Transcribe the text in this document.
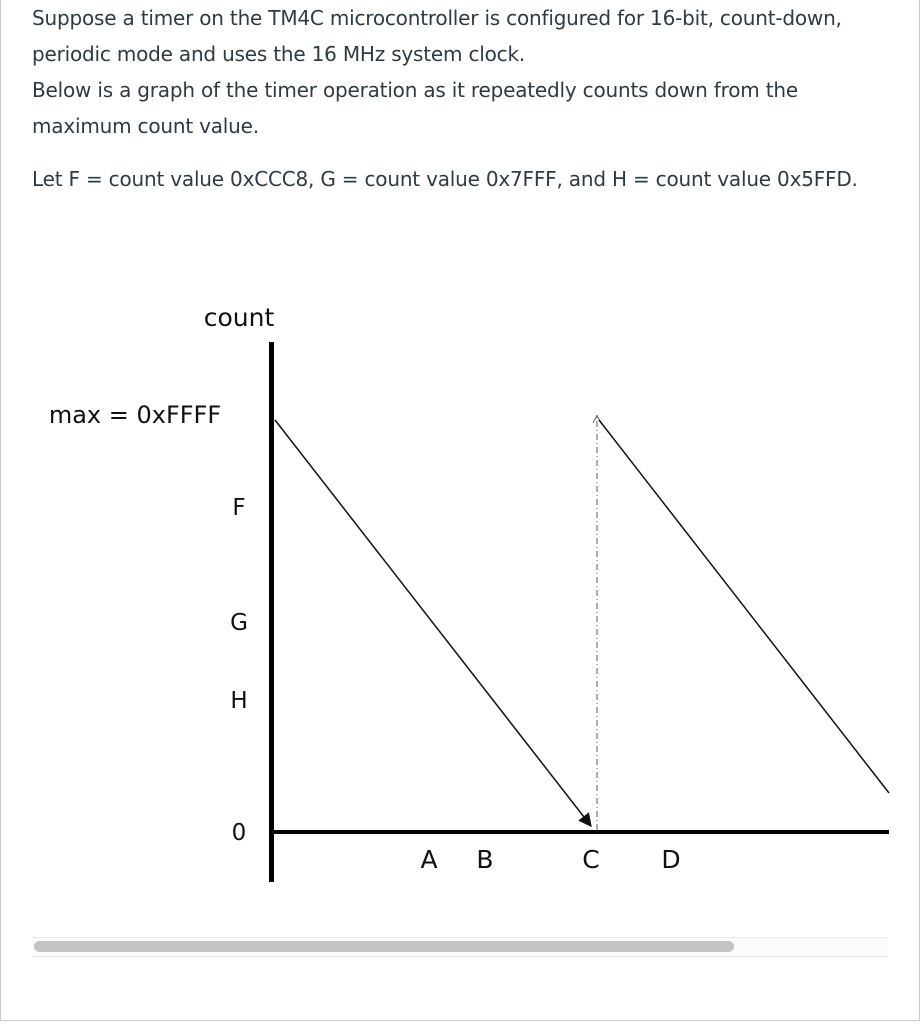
Suppose a timer on the TM4C microcontroller is configured for 16-bit, count-down, periodic mode and uses the 16 MHz system clock.

Below is a graph of the timer operation as it repeatedly counts down from the maximum count value.

Let F = count value 0xCCC8, G = count value 0x7FFF, and H = count value 0x5FFD.

count
max = 0xFFFF
F
G
H
0
A B	C D
